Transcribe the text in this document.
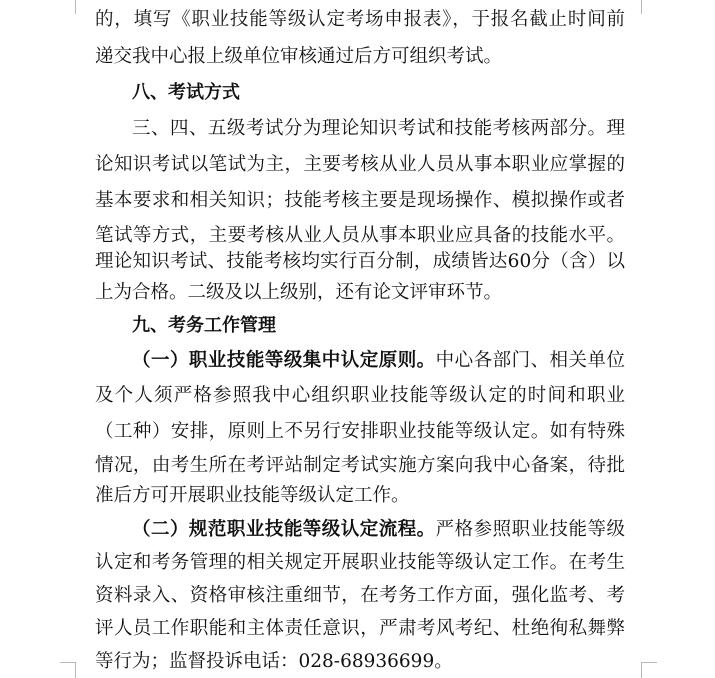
的，填写《职业技能等级认定考场申报表》，于报名截止时间前
递交我中心报上级单位审核通过后方可组织考试。
八、考试方式
三、四、五级考试分为理论知识考试和技能考核两部分。理
论知识考试以笔试为主，主要考核从业人员从事本职业应掌握的
基本要求和相关知识；技能考核主要是现场操作、模拟操作或者
笔试等方式，主要考核从业人员从事本职业应具备的技能水平。
理论知识考试、技能考核均实行百分制，成绩皆达60分（含）以
上为合格。二级及以上级别，还有论文评审环节。
九、考务工作管理
（一）职业技能等级集中认定原则。中心各部门、相关单位
及个人须严格参照我中心组织职业技能等级认定的时间和职业
（工种）安排，原则上不另行安排职业技能等级认定。如有特殊
情况，由考生所在考评站制定考试实施方案向我中心备案，待批
准后方可开展职业技能等级认定工作。
（二）规范职业技能等级认定流程。严格参照职业技能等级
认定和考务管理的相关规定开展职业技能等级认定工作。在考生
资料录入、资格审核注重细节，在考务工作方面，强化监考、考
评人员工作职能和主体责任意识，严肃考风考纪、杜绝徇私舞弊
等行为；监督投诉电话：028-68936699。
